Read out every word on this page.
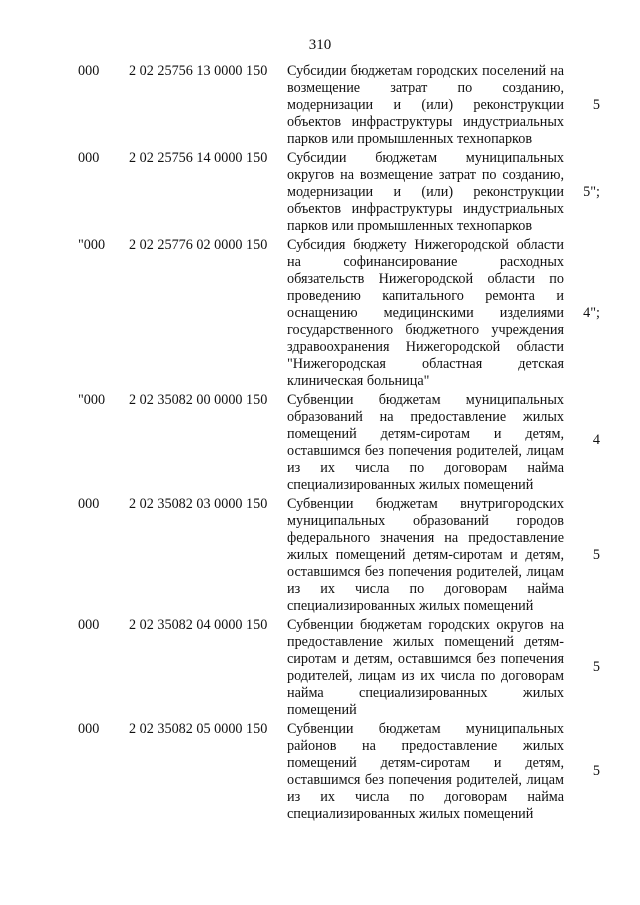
310
000 2 02 25756 13 0000 150 Субсидии бюджетам городских поселений на возмещение затрат по созданию, модернизации и (или) реконструкции объектов инфраструктуры индустриальных парков или промышленных технопарков
5
000 2 02 25756 14 0000 150 Субсидии бюджетам муниципальных округов на возмещение затрат по созданию, модернизации и (или) реконструкции объектов инфраструктуры индустриальных парков или промышленных технопарков
5";
"000 2 02 25776 02 0000 150 Субсидия бюджету Нижегородской области на софинансирование расходных обязательств Нижегородской области по проведению капитального ремонта и оснащению медицинскими изделиями государственного бюджетного учреждения здравоохранения Нижегородской области "Нижегородская областная детская клиническая больница"
4";
"000 2 02 35082 00 0000 150 Субвенции бюджетам муниципальных образований на предоставление жилых помещений детям-сиротам и детям, оставшимся без попечения родителей, лицам из их числа по договорам найма специализированных жилых помещений
4
000 2 02 35082 03 0000 150 Субвенции бюджетам внутригородских муниципальных образований городов федерального значения на предоставление жилых помещений детям-сиротам и детям, оставшимся без попечения родителей, лицам из их числа по договорам найма специализированных жилых помещений
5
000 2 02 35082 04 0000 150 Субвенции бюджетам городских округов на предоставление жилых помещений детям-сиротам и детям, оставшимся без попечения родителей, лицам из их числа по договорам найма специализированных жилых помещений
5
000 2 02 35082 05 0000 150 Субвенции бюджетам муниципальных районов на предоставление жилых помещений детям-сиротам и детям, оставшимся без попечения родителей, лицам из их числа по договорам найма специализированных жилых помещений
5
